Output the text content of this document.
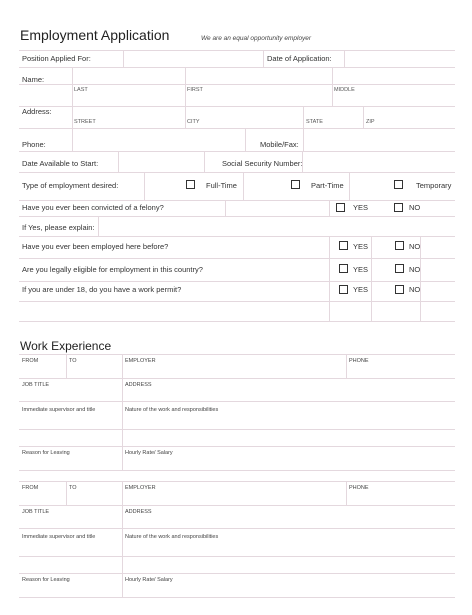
Employment Application	We are an equal opportunity employer
Position Applied For:	Date of Application:
Name:
LAST	FIRST	MIDDLE
Address:
STREET	CITY	STATE	ZIP
Phone:	Mobile/Fax:
Date Available to Start:	Social Security Number:
Type of employment desired:	Full-Time	Part-Time	Temporary
Have you ever been convicted of a felony?	YES	NO
If Yes, please explain:
Have you ever been employed here before?	YES	NO
Are you legally eligible for employment in this country?	YES	NO
If you are under 18, do you have a work permit?	YES	NO
Work Experience
FROM	TO	EMPLOYER	PHONE
JOB TITLE	ADDRESS
Immediate supervisor and title	Nature of the work and responsibilities
Reason for Leaving	Hourly Rate/ Salary
FROM	TO	EMPLOYER	PHONE
JOB TITLE	ADDRESS
Immediate supervisor and title	Nature of the work and responsibilities
Reason for Leaving	Hourly Rate/ Salary
